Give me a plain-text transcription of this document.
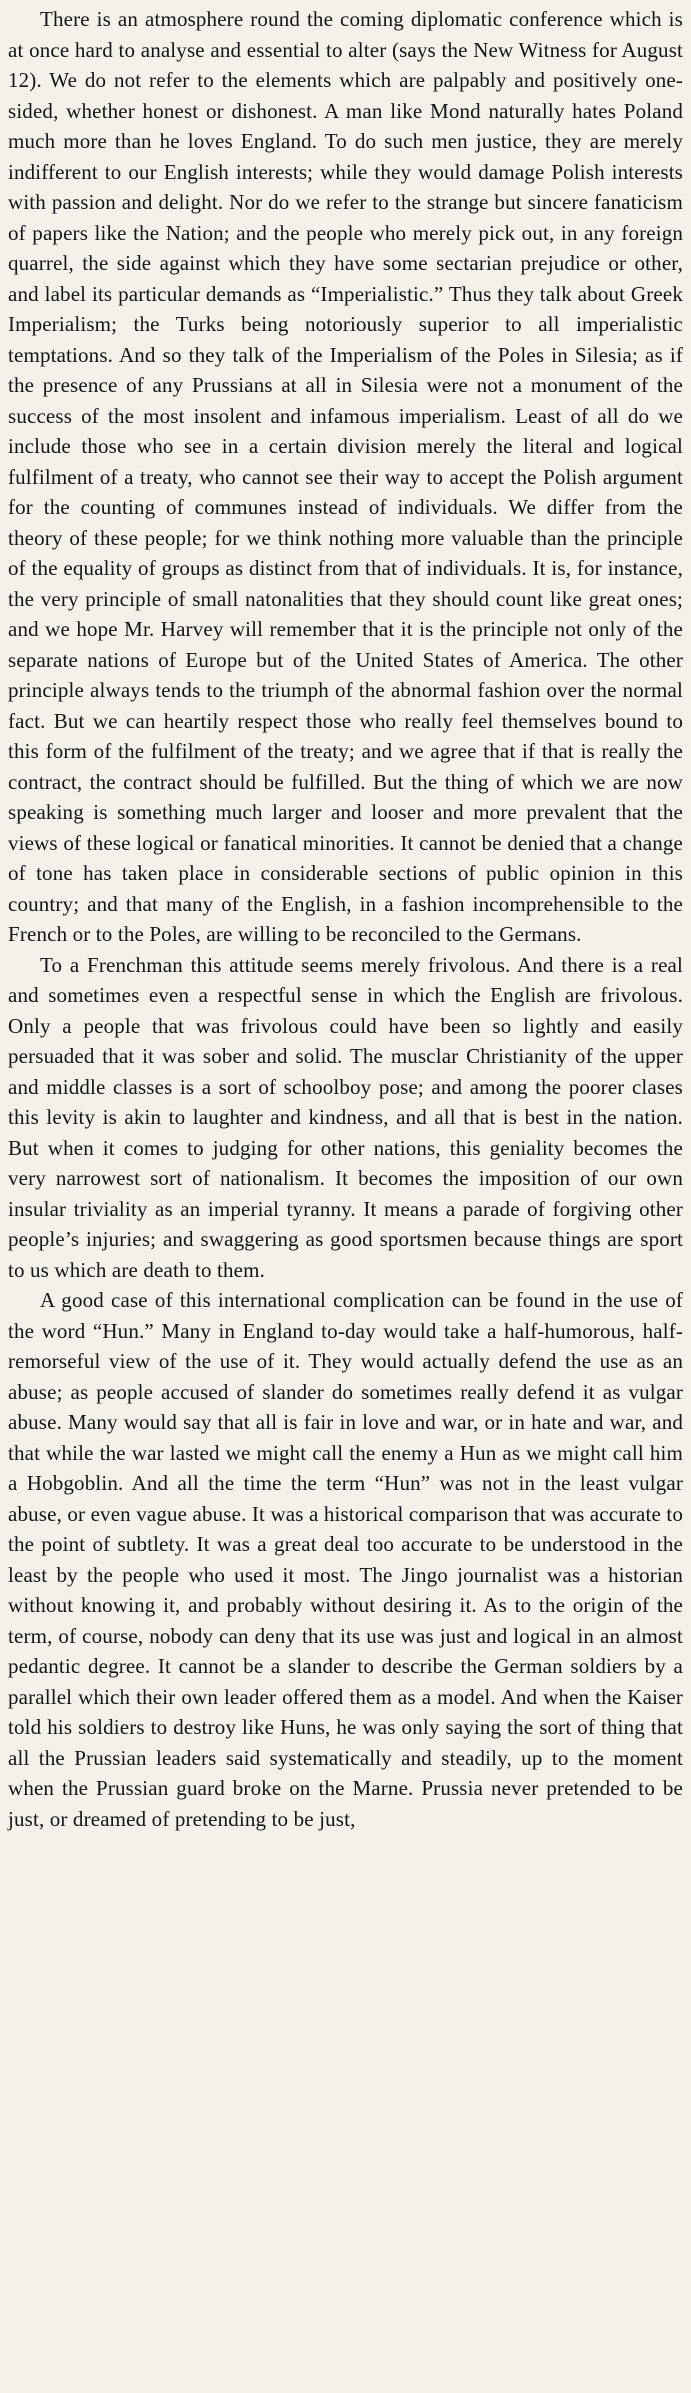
There is an atmosphere round the coming diplomatic conference which is at once hard to analyse and essential to alter (says the New Witness for August 12). We do not refer to the elements which are palpably and positively one-sided, whether honest or dishonest. A man like Mond naturally hates Poland much more than he loves England. To do such men justice, they are merely indifferent to our English interests; while they would damage Polish interests with passion and delight. Nor do we refer to the strange but sincere fanaticism of papers like the Nation; and the people who merely pick out, in any foreign quarrel, the side against which they have some sectarian prejudice or other, and label its particular demands as “Imperialistic.” Thus they talk about Greek Imperialism; the Turks being notoriously superior to all imperialistic temptations. And so they talk of the Imperialism of the Poles in Silesia; as if the presence of any Prussians at all in Silesia were not a monument of the success of the most insolent and infamous imperialism. Least of all do we include those who see in a certain division merely the literal and logical fulfilment of a treaty, who cannot see their way to accept the Polish argument for the counting of communes instead of individuals. We differ from the theory of these people; for we think nothing more valuable than the principle of the equality of groups as distinct from that of individuals. It is, for instance, the very principle of small natonalities that they should count like great ones; and we hope Mr. Harvey will remember that it is the principle not only of the separate nations of Europe but of the United States of America. The other principle always tends to the triumph of the abnormal fashion over the normal fact. But we can heartily respect those who really feel themselves bound to this form of the fulfilment of the treaty; and we agree that if that is really the contract, the contract should be fulfilled. But the thing of which we are now speaking is something much larger and looser and more prevalent that the views of these logical or fanatical minorities. It cannot be denied that a change of tone has taken place in considerable sections of public opinion in this country; and that many of the English, in a fashion incomprehensible to the French or to the Poles, are willing to be reconciled to the Germans.

To a Frenchman this attitude seems merely frivolous. And there is a real and sometimes even a respectful sense in which the English are frivolous. Only a people that was frivolous could have been so lightly and easily persuaded that it was sober and solid. The musclar Christianity of the upper and middle classes is a sort of schoolboy pose; and among the poorer clases this levity is akin to laughter and kindness, and all that is best in the nation. But when it comes to judging for other nations, this geniality becomes the very narrowest sort of nationalism. It becomes the imposition of our own insular triviality as an imperial tyranny. It means a parade of forgiving other people’s injuries; and swaggering as good sportsmen because things are sport to us which are death to them.

A good case of this international complication can be found in the use of the word “Hun.” Many in England to-day would take a half-humorous, half-remorseful view of the use of it. They would actually defend the use as an abuse; as people accused of slander do sometimes really defend it as vulgar abuse. Many would say that all is fair in love and war, or in hate and war, and that while the war lasted we might call the enemy a Hun as we might call him a Hobgoblin. And all the time the term “Hun” was not in the least vulgar abuse, or even vague abuse. It was a historical comparison that was accurate to the point of subtlety. It was a great deal too accurate to be understood in the least by the people who used it most. The Jingo journalist was a historian without knowing it, and probably without desiring it. As to the origin of the term, of course, nobody can deny that its use was just and logical in an almost pedantic degree. It cannot be a slander to describe the German soldiers by a parallel which their own leader offered them as a model. And when the Kaiser told his soldiers to destroy like Huns, he was only saying the sort of thing that all the Prussian leaders said systematically and steadily, up to the moment when the Prussian guard broke on the Marne. Prussia never pretended to be just, or dreamed of pretending to be just,
